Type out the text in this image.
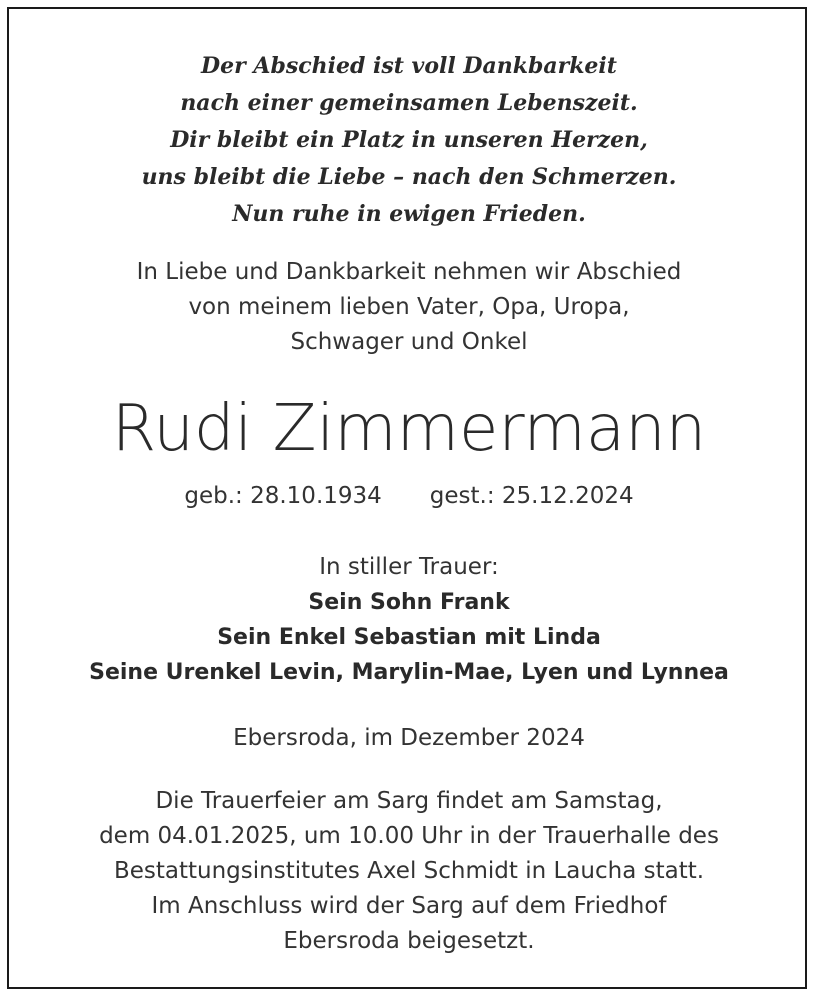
Der Abschied ist voll Dankbarkeit
nach einer gemeinsamen Lebenszeit.
Dir bleibt ein Platz in unseren Herzen,
uns bleibt die Liebe – nach den Schmerzen.
Nun ruhe in ewigen Frieden.
In Liebe und Dankbarkeit nehmen wir Abschied
von meinem lieben Vater, Opa, Uropa,
Schwager und Onkel
Rudi Zimmermann
geb.: 28.10.1934 gest.: 25.12.2024
In stiller Trauer:
Sein Sohn Frank
Sein Enkel Sebastian mit Linda
Seine Urenkel Levin, Marylin-Mae, Lyen und Lynnea
Ebersroda, im Dezember 2024
Die Trauerfeier am Sarg findet am Samstag,
dem 04.01.2025, um 10.00 Uhr in der Trauerhalle des
Bestattungsinstitutes Axel Schmidt in Laucha statt.
Im Anschluss wird der Sarg auf dem Friedhof
Ebersroda beigesetzt.
